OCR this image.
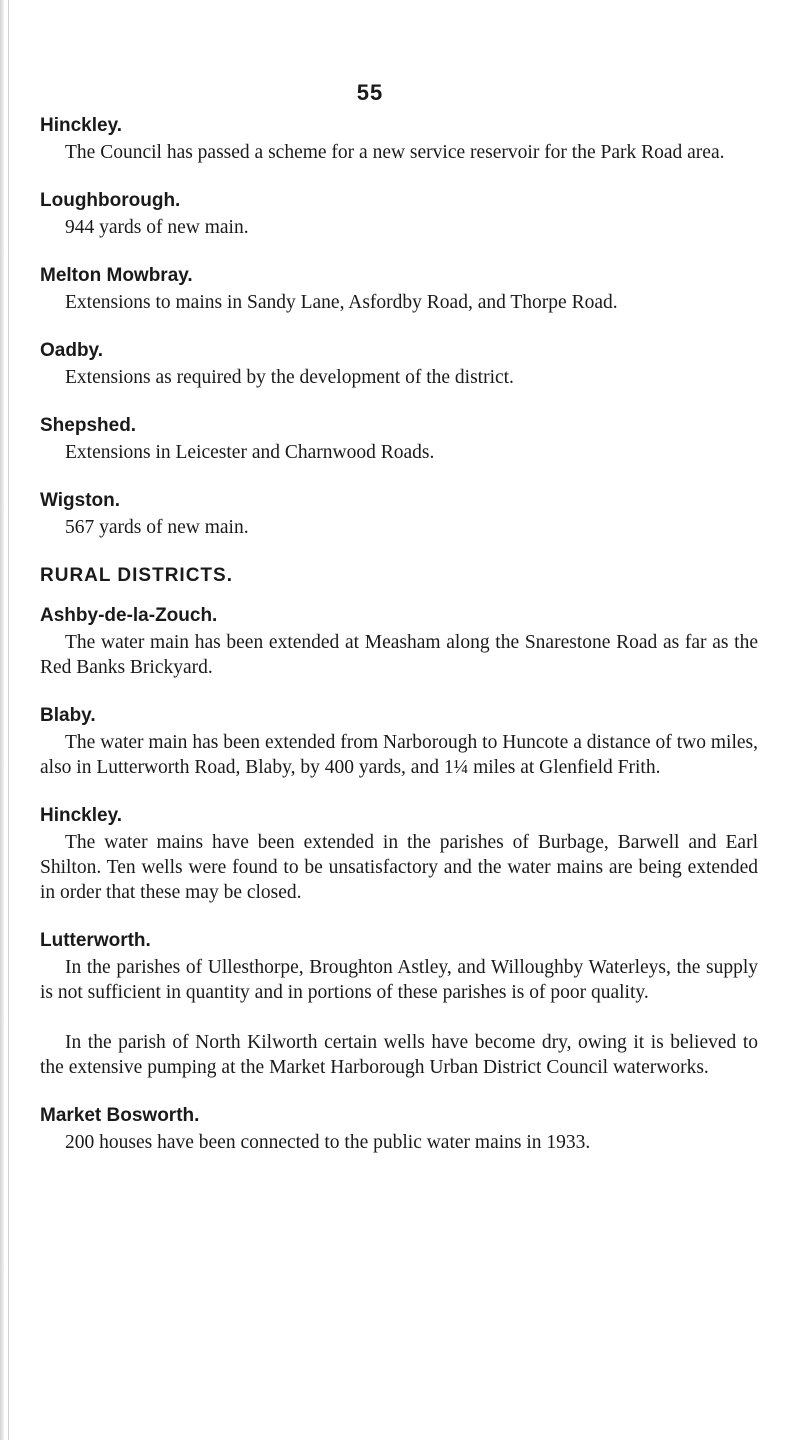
55

Hinckley.

The Council has passed a scheme for a new service reservoir for the Park Road area.

Loughborough.

944 yards of new main.

Melton Mowbray.

Extensions to mains in Sandy Lane, Asfordby Road, and Thorpe Road.

Oadby.

Extensions as required by the development of the district.

Shepshed.

Extensions in Leicester and Charnwood Roads.

Wigston.

567 yards of new main.

RURAL DISTRICTS.

Ashby-de-la-Zouch.

The water main has been extended at Measham along the Snarestone Road as far as the Red Banks Brickyard.

Blaby.

The water main has been extended from Narborough to Huncote a distance of two miles, also in Lutterworth Road, Blaby, by 400 yards, and 1¼ miles at Glenfield Frith.

Hinckley.

The water mains have been extended in the parishes of Burbage, Barwell and Earl Shilton. Ten wells were found to be unsatisfactory and the water mains are being extended in order that these may be closed.

Lutterworth.

In the parishes of Ullesthorpe, Broughton Astley, and Willoughby Waterleys, the supply is not sufficient in quantity and in portions of these parishes is of poor quality.

In the parish of North Kilworth certain wells have become dry, owing it is believed to the extensive pumping at the Market Harborough Urban District Council waterworks.

Market Bosworth.

200 houses have been connected to the public water mains in 1933.
